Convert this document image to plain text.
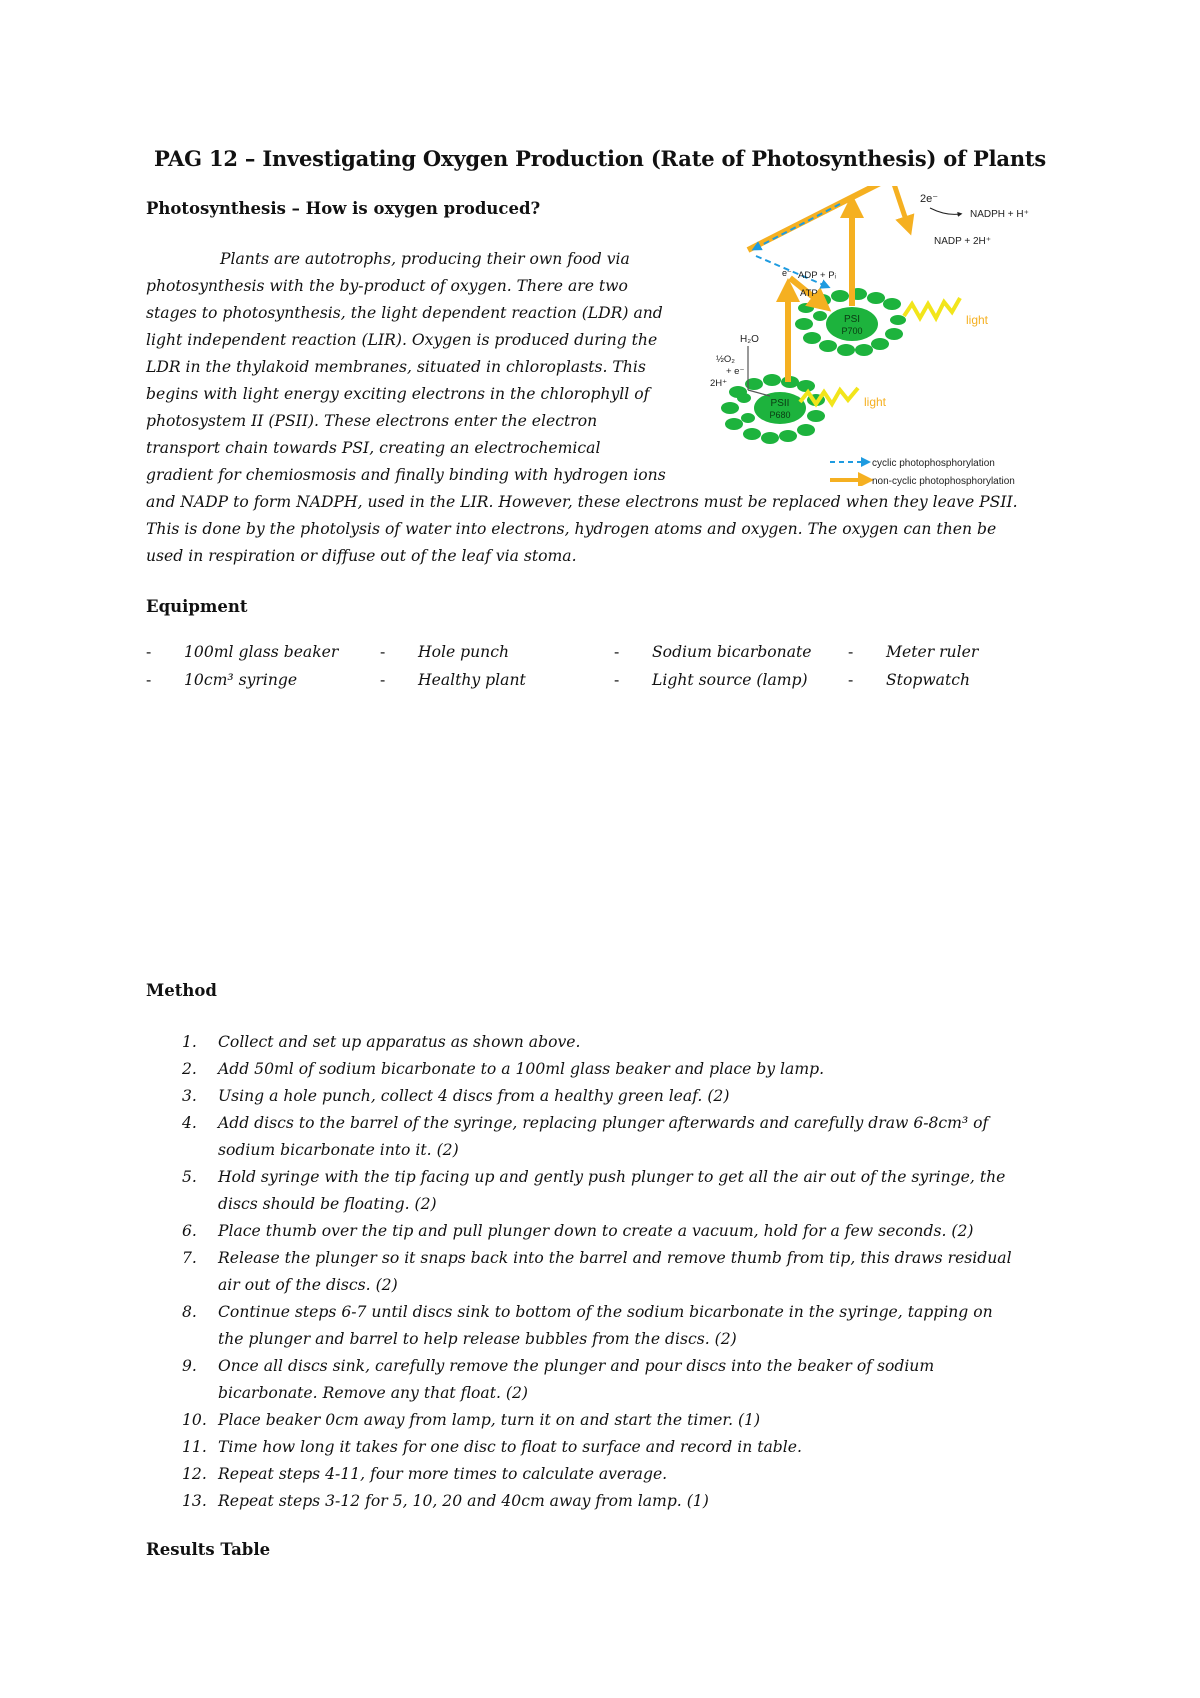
PAG 12 – Investigating Oxygen Production (Rate of Photosynthesis) of Plants
Photosynthesis – How is oxygen produced?
Plants are autotrophs, producing their own food via
photosynthesis with the by-product of oxygen. There are two
stages to photosynthesis, the light dependent reaction (LDR) and
light independent reaction (LIR). Oxygen is produced during the
LDR in the thylakoid membranes, situated in chloroplasts. This
begins with light energy exciting electrons in the chlorophyll of
photosystem II (PSII). These electrons enter the electron
transport chain towards PSI, creating an electrochemical
gradient for chemiosmosis and finally binding with hydrogen ions
and NADP to form NADPH, used in the LIR. However, these electrons must be replaced when they leave PSII.
This is done by the photolysis of water into electrons, hydrogen atoms and oxygen. The oxygen can then be
used in respiration or diffuse out of the leaf via stoma.
PSII
P680
PSI
P700
light
light
2e⁻
NADPH + H⁺
NADP + 2H⁺
ADP + Pᵢ
ATP
e⁻
H₂O
½O₂
+ e⁻
2H⁺
cyclic photophosphorylation
non-cyclic photophosphorylation
Equipment
- 100ml glass beaker	- Hole punch	- Sodium bicarbonate - Meter ruler
- 10cm³ syringe	- Healthy plant	- Light source (lamp)	- Stopwatch
Method
1.	Collect and set up apparatus as shown above.
2.	Add 50ml of sodium bicarbonate to a 100ml glass beaker and place by lamp.
3.	Using a hole punch, collect 4 discs from a healthy green leaf. (2)
4.	Add discs to the barrel of the syringe, replacing plunger afterwards and carefully draw 6-8cm³ of
sodium bicarbonate into it. (2)
5.	Hold syringe with the tip facing up and gently push plunger to get all the air out of the syringe, the
discs should be floating. (2)
6.	Place thumb over the tip and pull plunger down to create a vacuum, hold for a few seconds. (2)
7.	Release the plunger so it snaps back into the barrel and remove thumb from tip, this draws residual
air out of the discs. (2)
8.	Continue steps 6-7 until discs sink to bottom of the sodium bicarbonate in the syringe, tapping on
the plunger and barrel to help release bubbles from the discs. (2)
9.	Once all discs sink, carefully remove the plunger and pour discs into the beaker of sodium
bicarbonate. Remove any that float. (2)
10. Place beaker 0cm away from lamp, turn it on and start the timer. (1)
11. Time how long it takes for one disc to float to surface and record in table.
12. Repeat steps 4-11, four more times to calculate average.
13. Repeat steps 3-12 for 5, 10, 20 and 40cm away from lamp. (1)
Results Table
